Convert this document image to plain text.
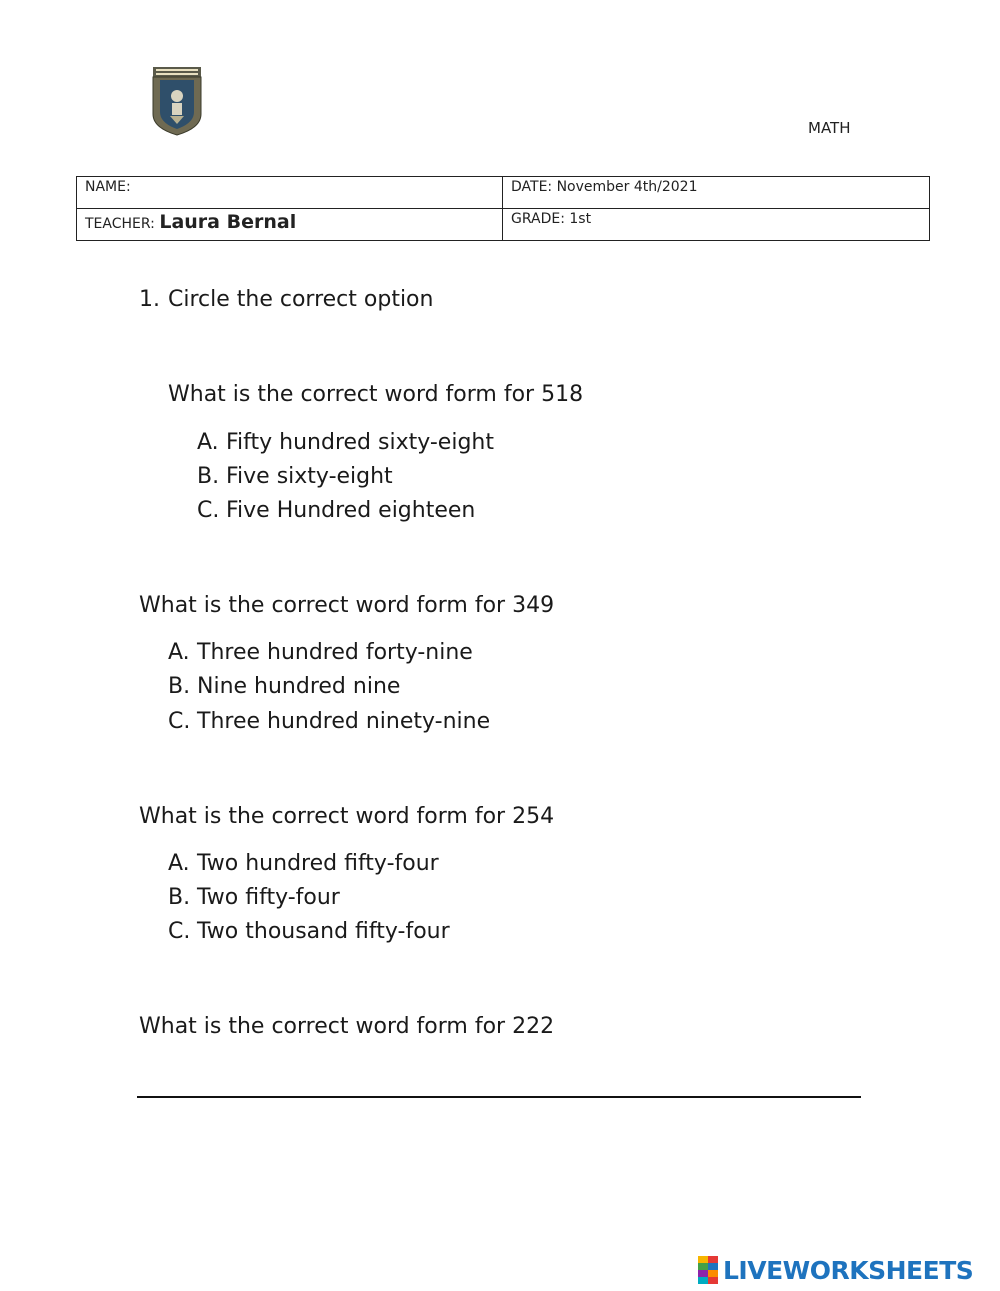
MATH
NAME:	DATE: November 4th/2021
TEACHER: Laura Bernal	GRADE: 1st
1. Circle the correct option
What is the correct word form for 518
A. Fifty hundred sixty-eight
B. Five sixty-eight
C. Five Hundred eighteen
What is the correct word form for 349
A. Three hundred forty-nine
B. Nine hundred nine
C. Three hundred ninety-nine
What is the correct word form for 254
A. Two hundred fifty-four
B. Two fifty-four
C. Two thousand fifty-four
What is the correct word form for 222
LIVEWORKSHEETS
